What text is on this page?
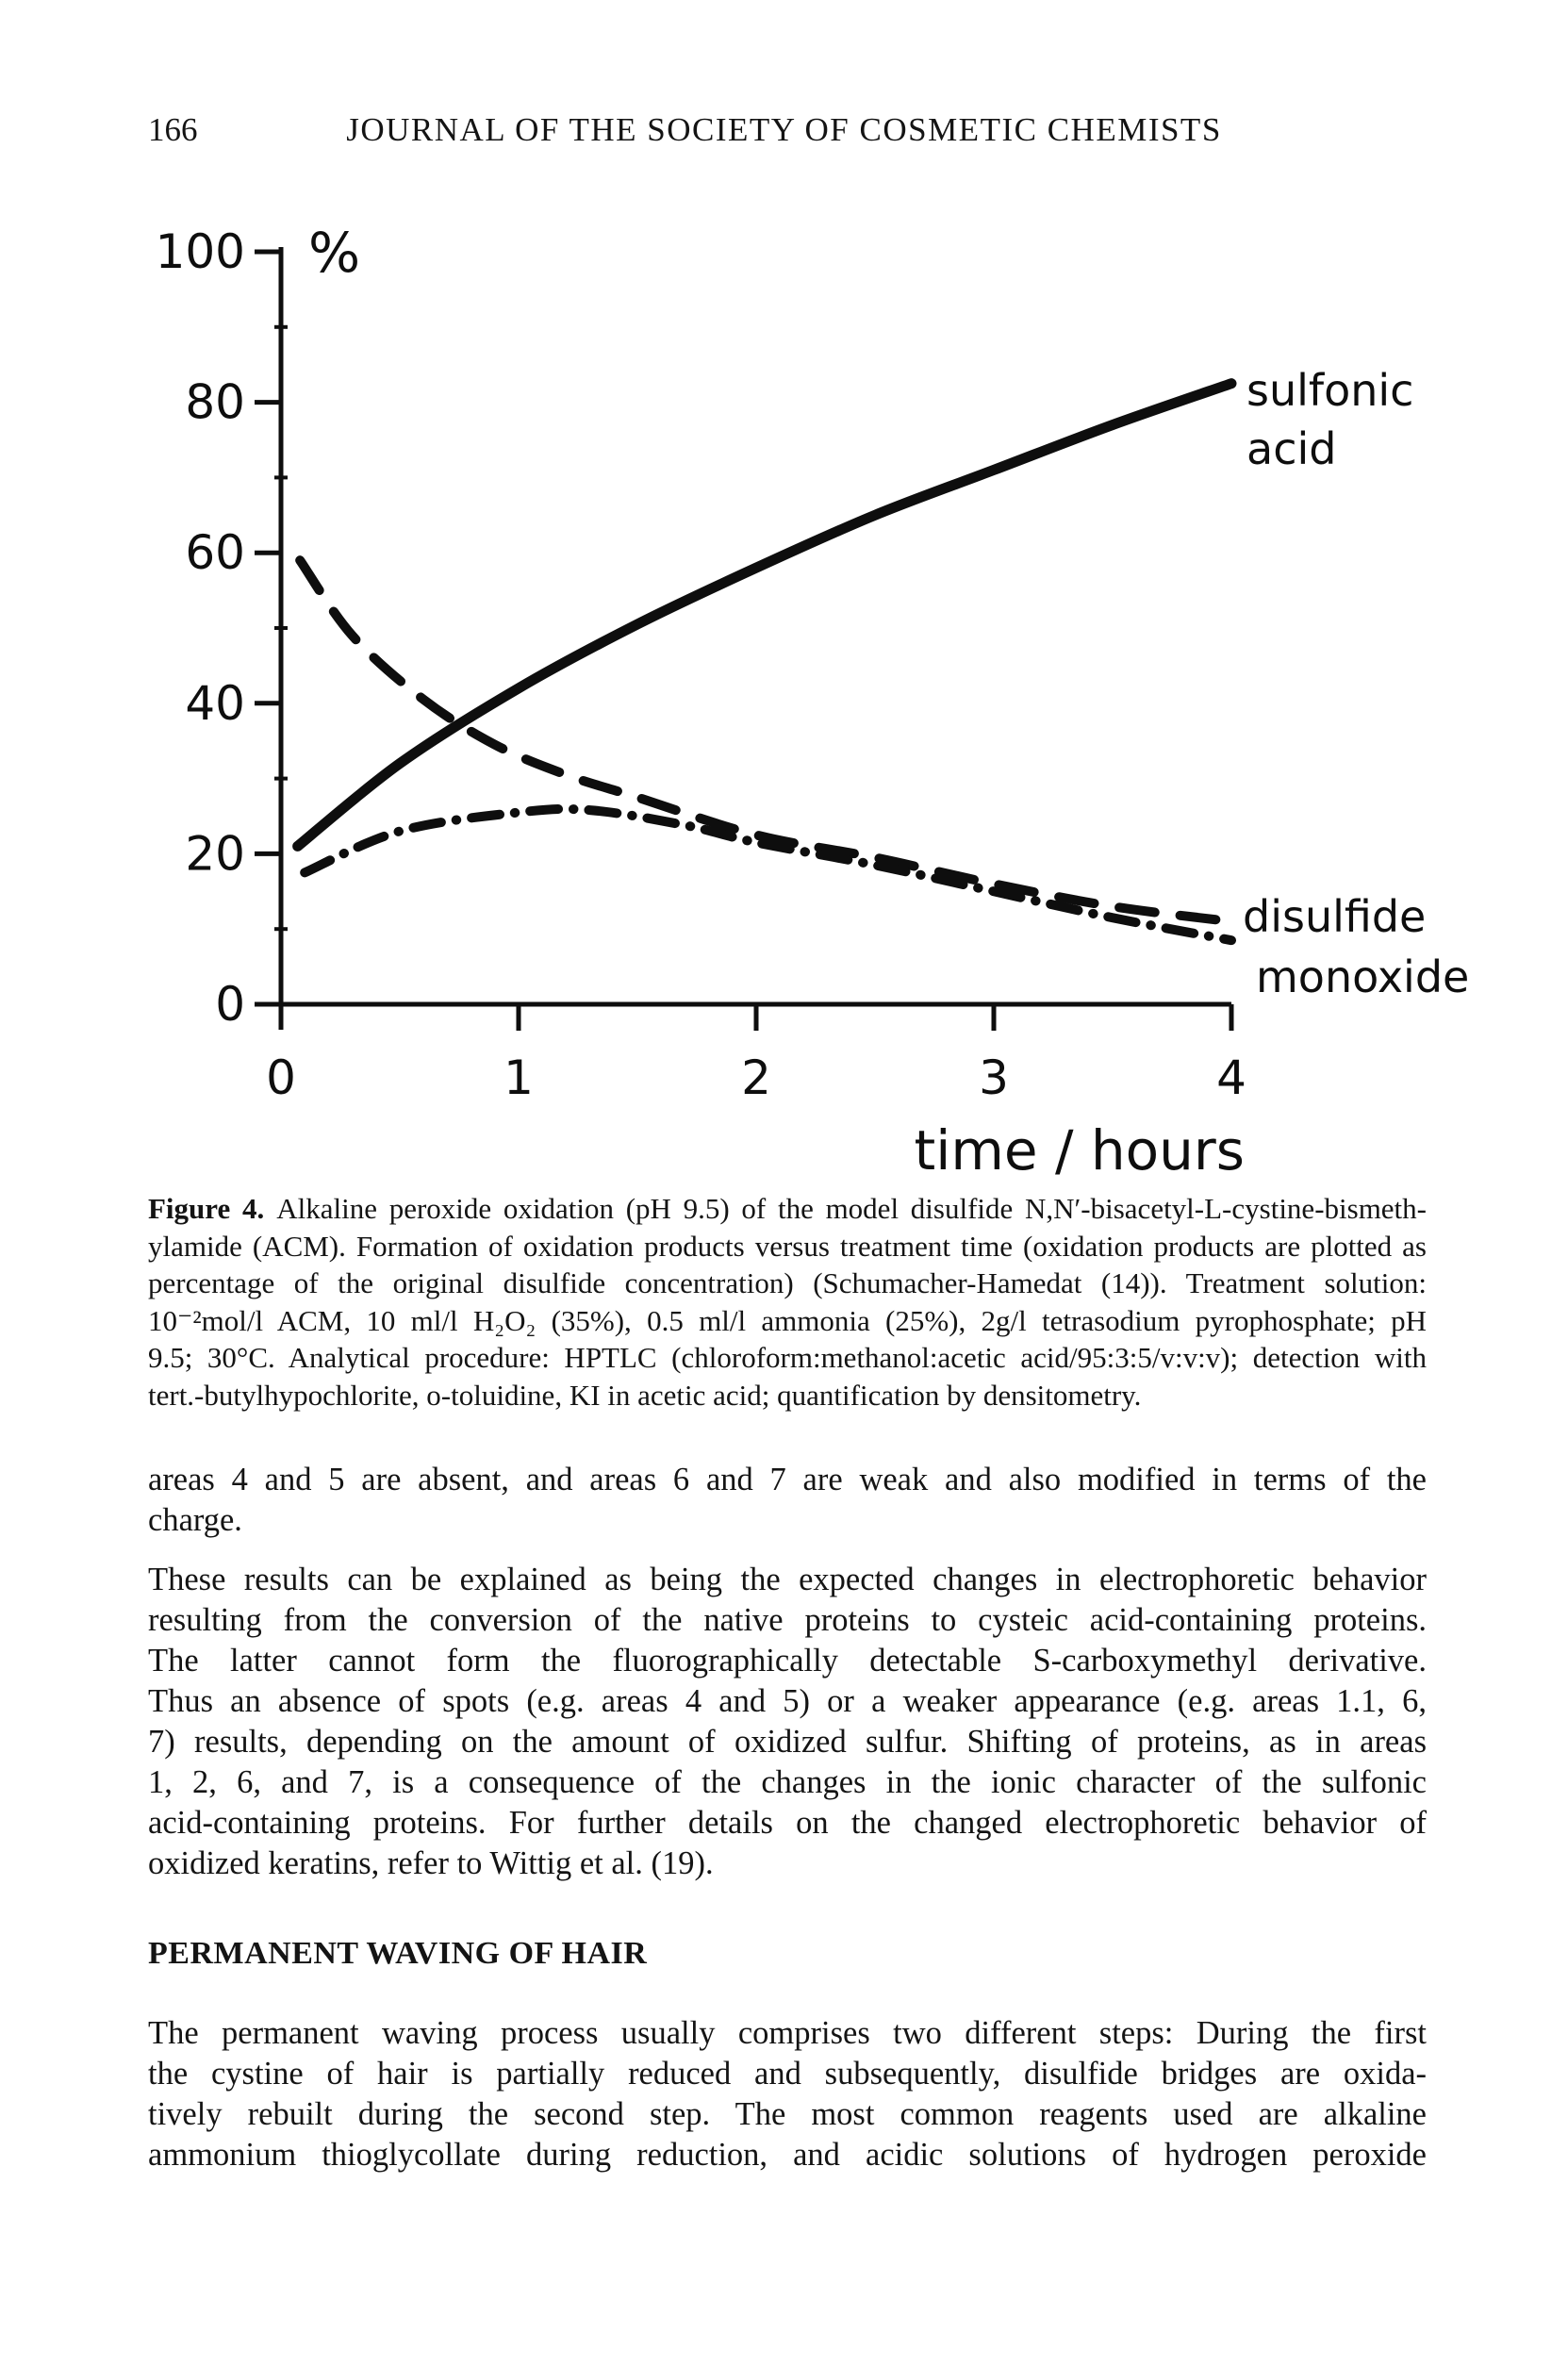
166	JOURNAL OF THE SOCIETY OF COSMETIC CHEMISTS
100
80
60
40
20
0
0	1	2	3	4
%
time / hours
sulfonic
acid
disulfide
monoxide
Figure 4. Alkaline peroxide oxidation (pH 9.5) of the model disulfide N,N′-bisacetyl-L-cystine-bismeth-
ylamide (ACM). Formation of oxidation products versus treatment time (oxidation products are plotted as
percentage of the original disulfide concentration) (Schumacher-Hamedat (14)). Treatment solution:
10⁻²mol/l ACM, 10 ml/l H₂O₂ (35%), 0.5 ml/l ammonia (25%), 2g/l tetrasodium pyrophosphate; pH
9.5; 30°C. Analytical procedure: HPTLC (chloroform:methanol:acetic acid/95:3:5/v:v:v); detection with
tert.-butylhypochlorite, o-toluidine, KI in acetic acid; quantification by densitometry.
areas 4 and 5 are absent, and areas 6 and 7 are weak and also modified in terms of the
charge.
These results can be explained as being the expected changes in electrophoretic behavior
resulting from the conversion of the native proteins to cysteic acid-containing proteins.
The latter cannot form the fluorographically detectable S-carboxymethyl derivative.
Thus an absence of spots (e.g. areas 4 and 5) or a weaker appearance (e.g. areas 1.1, 6,
7) results, depending on the amount of oxidized sulfur. Shifting of proteins, as in areas
1, 2, 6, and 7, is a consequence of the changes in the ionic character of the sulfonic
acid-containing proteins. For further details on the changed electrophoretic behavior of
oxidized keratins, refer to Wittig et al. (19).
PERMANENT WAVING OF HAIR
The permanent waving process usually comprises two different steps: During the first
the cystine of hair is partially reduced and subsequently, disulfide bridges are oxida-
tively rebuilt during the second step. The most common reagents used are alkaline
ammonium thioglycollate during reduction, and acidic solutions of hydrogen peroxide
